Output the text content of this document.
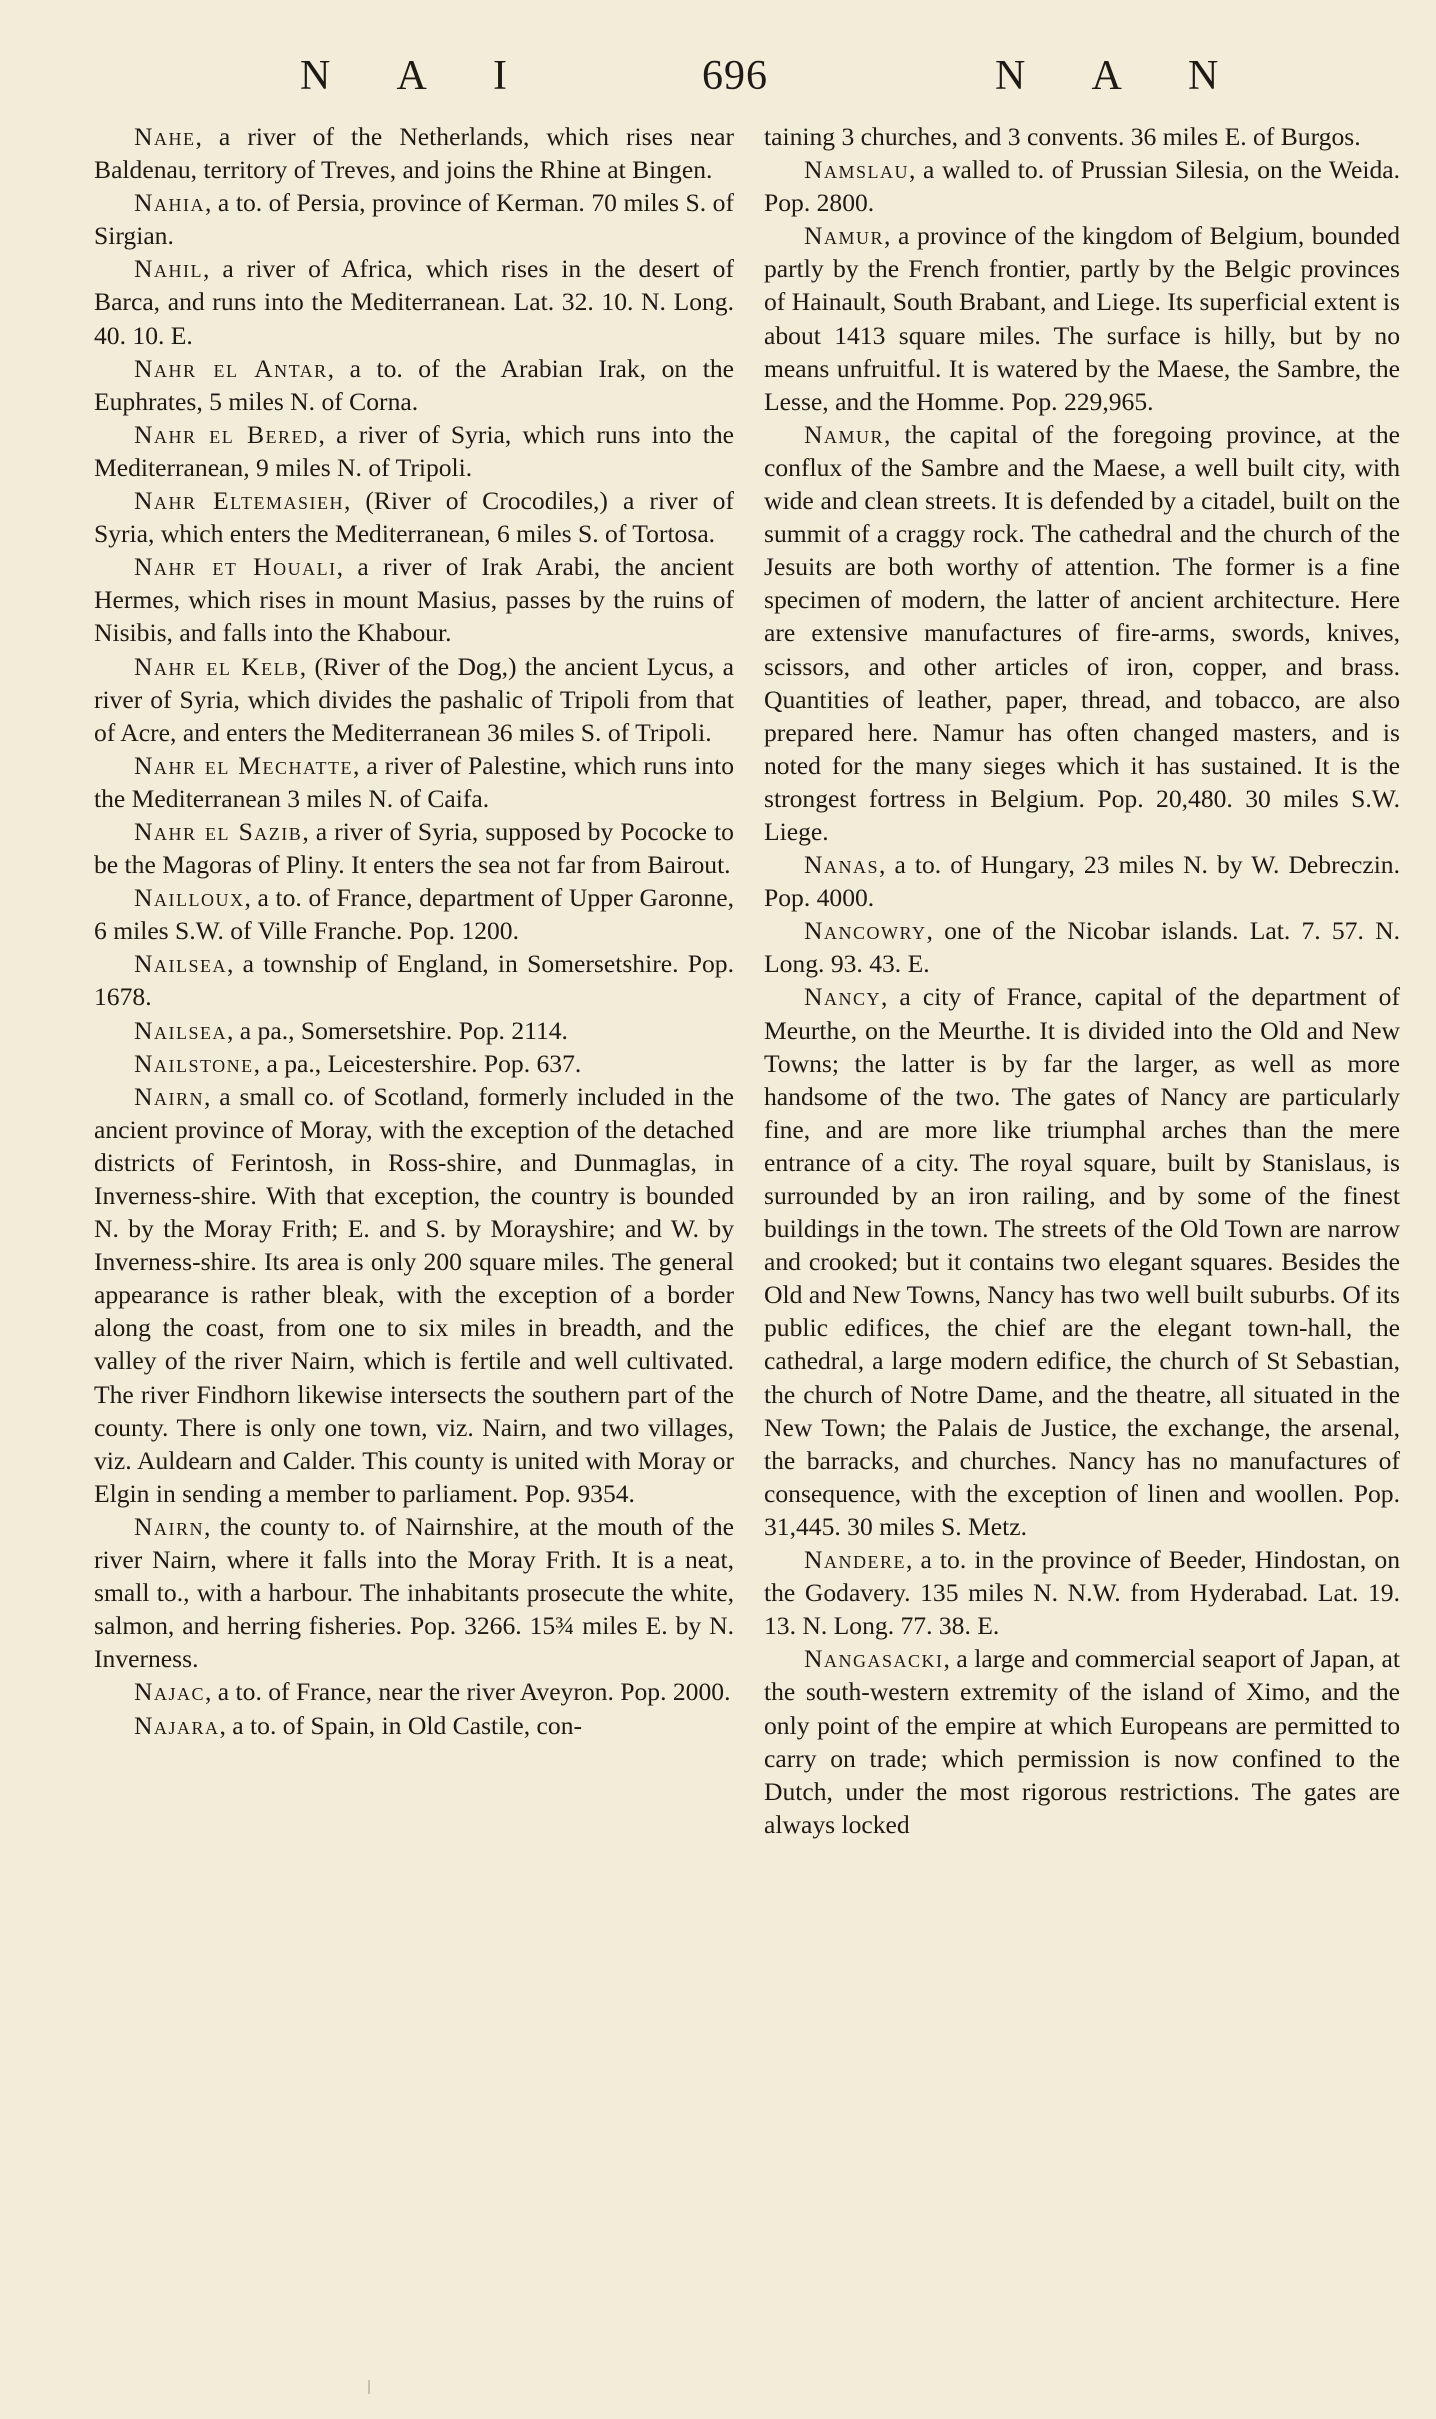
N A I	696	N A N

Nahe, a river of the Netherlands, which rises near Baldenau, territory of Treves, and joins the Rhine at Bingen.

Nahia, a to. of Persia, province of Kerman. 70 miles S. of Sirgian.

Nahil, a river of Africa, which rises in the desert of Barca, and runs into the Mediterranean. Lat. 32. 10. N. Long. 40. 10. E.

Nahr el Antar, a to. of the Arabian Irak, on the Euphrates, 5 miles N. of Corna.

Nahr el Bered, a river of Syria, which runs into the Mediterranean, 9 miles N. of Tripoli.

Nahr Eltemasieh, (River of Crocodiles,) a river of Syria, which enters the Mediterranean, 6 miles S. of Tortosa.

Nahr et Houali, a river of Irak Arabi, the ancient Hermes, which rises in mount Masius, passes by the ruins of Nisibis, and falls into the Khabour.

Nahr el Kelb, (River of the Dog,) the ancient Lycus, a river of Syria, which divides the pashalic of Tripoli from that of Acre, and enters the Mediterranean 36 miles S. of Tripoli.

Nahr el Mechatte, a river of Palestine, which runs into the Mediterranean 3 miles N. of Caifa.

Nahr el Sazib, a river of Syria, supposed by Pococke to be the Magoras of Pliny. It enters the sea not far from Bairout.

Nailloux, a to. of France, department of Upper Garonne, 6 miles S.W. of Ville Franche. Pop. 1200.

Nailsea, a township of England, in Somersetshire. Pop. 1678.

Nailsea, a pa., Somersetshire. Pop. 2114.

Nailstone, a pa., Leicestershire. Pop. 637.

Nairn, a small co. of Scotland, formerly included in the ancient province of Moray, with the exception of the detached districts of Ferintosh, in Ross-shire, and Dunmaglas, in Inverness-shire. With that exception, the country is bounded N. by the Moray Frith; E. and S. by Morayshire; and W. by Inverness-shire. Its area is only 200 square miles. The general appearance is rather bleak, with the exception of a border along the coast, from one to six miles in breadth, and the valley of the river Nairn, which is fertile and well cultivated. The river Findhorn likewise intersects the southern part of the county. There is only one town, viz. Nairn, and two villages, viz. Auldearn and Calder. This county is united with Moray or Elgin in sending a member to parliament. Pop. 9354.

Nairn, the county to. of Nairnshire, at the mouth of the river Nairn, where it falls into the Moray Frith. It is a neat, small to., with a harbour. The inhabitants prosecute the white, salmon, and herring fisheries. Pop. 3266. 15¾ miles E. by N. Inverness.

Najac, a to. of France, near the river Aveyron. Pop. 2000.

Najara, a to. of Spain, in Old Castile, con-

taining 3 churches, and 3 convents. 36 miles E. of Burgos.

Namslau, a walled to. of Prussian Silesia, on the Weida. Pop. 2800.

Namur, a province of the kingdom of Belgium, bounded partly by the French frontier, partly by the Belgic provinces of Hainault, South Brabant, and Liege. Its superficial extent is about 1413 square miles. The surface is hilly, but by no means unfruitful. It is watered by the Maese, the Sambre, the Lesse, and the Homme. Pop. 229,965.

Namur, the capital of the foregoing province, at the conflux of the Sambre and the Maese, a well built city, with wide and clean streets. It is defended by a citadel, built on the summit of a craggy rock. The cathedral and the church of the Jesuits are both worthy of attention. The former is a fine specimen of modern, the latter of ancient architecture. Here are extensive manufactures of fire-arms, swords, knives, scissors, and other articles of iron, copper, and brass. Quantities of leather, paper, thread, and tobacco, are also prepared here. Namur has often changed masters, and is noted for the many sieges which it has sustained. It is the strongest fortress in Belgium. Pop. 20,480. 30 miles S.W. Liege.

Nanas, a to. of Hungary, 23 miles N. by W. Debreczin. Pop. 4000.

Nancowry, one of the Nicobar islands. Lat. 7. 57. N. Long. 93. 43. E.

Nancy, a city of France, capital of the department of Meurthe, on the Meurthe. It is divided into the Old and New Towns; the latter is by far the larger, as well as more handsome of the two. The gates of Nancy are particularly fine, and are more like triumphal arches than the mere entrance of a city. The royal square, built by Stanislaus, is surrounded by an iron railing, and by some of the finest buildings in the town. The streets of the Old Town are narrow and crooked; but it contains two elegant squares. Besides the Old and New Towns, Nancy has two well built suburbs. Of its public edifices, the chief are the elegant town-hall, the cathedral, a large modern edifice, the church of St Sebastian, the church of Notre Dame, and the theatre, all situated in the New Town; the Palais de Justice, the exchange, the arsenal, the barracks, and churches. Nancy has no manufactures of consequence, with the exception of linen and woollen. Pop. 31,445. 30 miles S. Metz.

Nandere, a to. in the province of Beeder, Hindostan, on the Godavery. 135 miles N. N.W. from Hyderabad. Lat. 19. 13. N. Long. 77. 38. E.

Nangasacki, a large and commercial seaport of Japan, at the south-western extremity of the island of Ximo, and the only point of the empire at which Europeans are permitted to carry on trade; which permission is now confined to the Dutch, under the most rigorous restrictions. The gates are always locked
